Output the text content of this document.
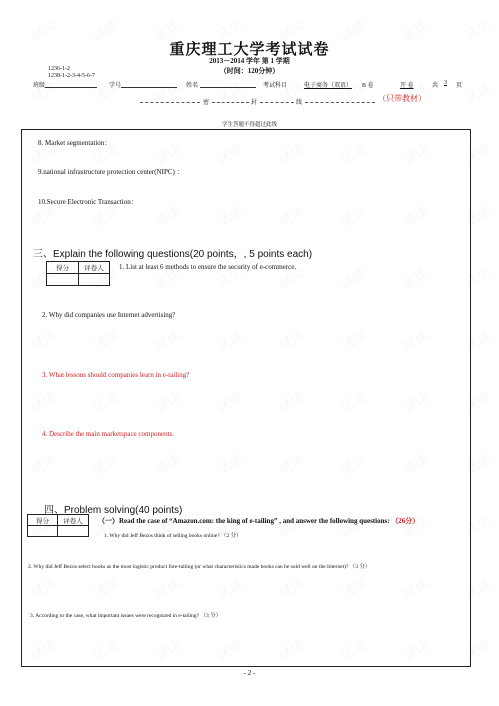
重庆理工大学考试试卷
2013－2014 学年 第 1 学期
（时间：120分钟）
1236-1-2
1238-1-2-3-4-5-6-7
班级	学号	姓名	考试科目	电子商务（双语） B 卷	开 卷	共 3 页
密	封	线	（只带教材）
学生答题不得超过此线
8. Market segmentation：
9.national infrastructure protection center(NIPC) ：
10.Secure Electronic Transaction：
三、Explain the following questions(20 points，, 5 points each)
得分	评卷人	1. List at least 6 methods to ensure the security of e-commerce.
2. Why did companies use Internet advertising?
3. What lessons should companies learn in e-tailing?
4. Describe the main marketspace components.
四、Problem solving(40 points)
得分	评卷人	（一）Read the case of “Amazon.com: the king of e-tailing” , and answer the following questions: （26分）
1. Why did Jeff Bezos think of selling books online? （2 分）
2. Why did Jeff Bezos select books as the most logistic product fore-tailing (or what characteristics made books can be sold well on the Internet)? （3 分）
3. According to the case, what important issues were recognized in e-tailing? （3 分）
- 2 -
